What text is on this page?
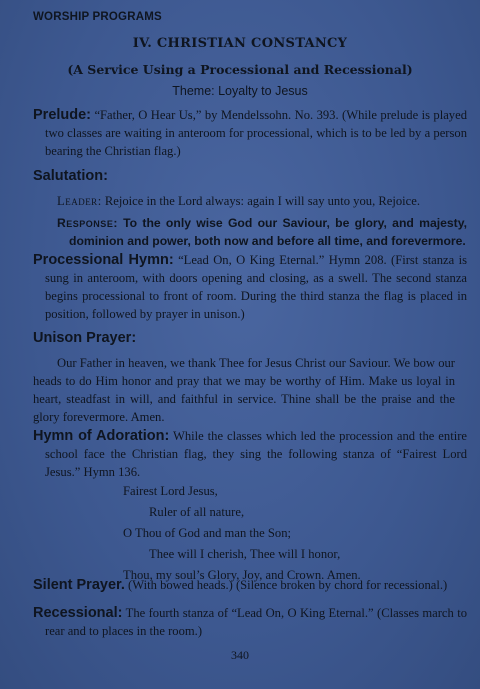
WORSHIP PROGRAMS
IV. CHRISTIAN CONSTANCY
(A Service Using a Processional and Recessional)
Theme: Loyalty to Jesus
Prelude: “Father, O Hear Us,” by Mendelssohn. No. 393. (While prelude is played two classes are waiting in anteroom for processional, which is to be led by a person bearing the Christian flag.)
Salutation:
Leader: Rejoice in the Lord always: again I will say unto you, Rejoice.
Response: To the only wise God our Saviour, be glory, and majesty, dominion and power, both now and before all time, and forevermore.
Processional Hymn: “Lead On, O King Eternal.” Hymn 208. (First stanza is sung in anteroom, with doors opening and closing, as a swell. The second stanza begins processional to front of room. During the third stanza the flag is placed in position, followed by prayer in unison.)
Unison Prayer:
Our Father in heaven, we thank Thee for Jesus Christ our Saviour. We bow our heads to do Him honor and pray that we may be worthy of Him. Make us loyal in heart, steadfast in will, and faithful in service. Thine shall be the praise and the glory forevermore. Amen.
Hymn of Adoration: While the classes which led the procession and the entire school face the Christian flag, they sing the following stanza of “Fairest Lord Jesus.” Hymn 136.
Fairest Lord Jesus,
Ruler of all nature,
O Thou of God and man the Son;
Thee will I cherish, Thee will I honor,
Thou, my soul’s Glory, Joy, and Crown. Amen.
Silent Prayer. (With bowed heads.) (Silence broken by chord for recessional.)
Recessional: The fourth stanza of “Lead On, O King Eternal.” (Classes march to rear and to places in the room.)
340
